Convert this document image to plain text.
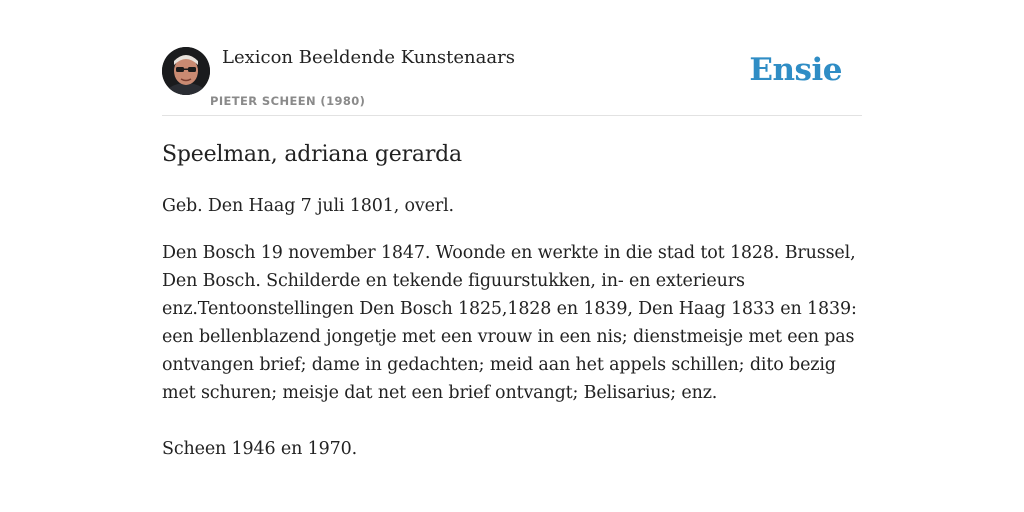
Lexicon Beeldende Kunstenaars
PIETER SCHEEN (1980)
Ensie
Speelman, adriana gerarda

Geb. Den Haag 7 juli 1801, overl.

Den Bosch 19 november 1847. Woonde en werkte in die stad tot 1828. Brussel, Den Bosch. Schilderde en tekende figuurstukken, in- en exterieurs enz.Tentoonstellingen Den Bosch 1825,1828 en 1839, Den Haag 1833 en 1839: een bellenblazend jongetje met een vrouw in een nis; dienstmeisje met een pas ontvangen brief; dame in gedachten; meid aan het appels schillen; dito bezig met schuren; meisje dat net een brief ontvangt; Belisarius; enz.

Scheen 1946 en 1970.
